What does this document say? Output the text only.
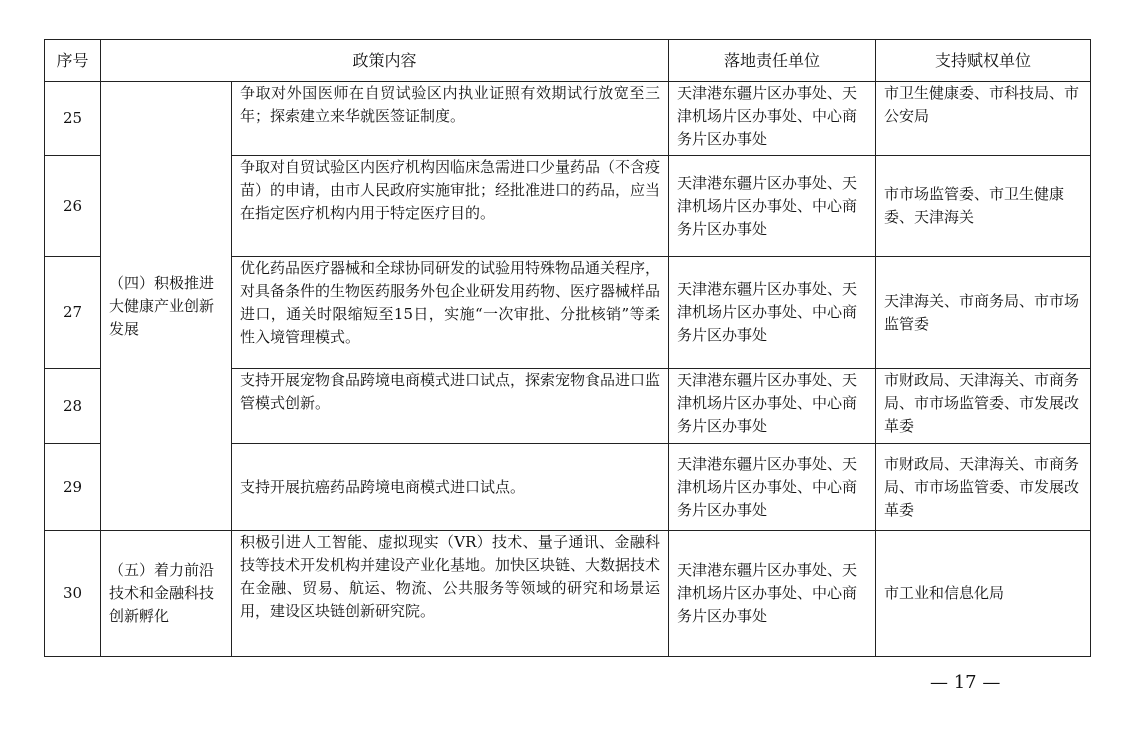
序号	政策内容		落地责任单位	支持赋权单位
25	（四）积极推进大健康产业创新发展	争取对外国医师在自贸试验区内执业证照有效期试行放宽至三年；探索建立来华就医签证制度。	天津港东疆片区办事处、天津机场片区办事处、中心商务片区办事处	市卫生健康委、市科技局、市公安局
26		争取对自贸试验区内医疗机构因临床急需进口少量药品（不含疫苗）的申请，由市人民政府实施审批；经批准进口的药品，应当在指定医疗机构内用于特定医疗目的。	天津港东疆片区办事处、天津机场片区办事处、中心商务片区办事处	市市场监管委、市卫生健康委、天津海关
27		优化药品医疗器械和全球协同研发的试验用特殊物品通关程序，对具备条件的生物医药服务外包企业研发用药物、医疗器械样品进口，通关时限缩短至15日，实施“一次审批、分批核销”等柔性入境管理模式。	天津港东疆片区办事处、天津机场片区办事处、中心商务片区办事处	天津海关、市商务局、市市场监管委
28		支持开展宠物食品跨境电商模式进口试点，探索宠物食品进口监管模式创新。	天津港东疆片区办事处、天津机场片区办事处、中心商务片区办事处	市财政局、天津海关、市商务局、市市场监管委、市发展改革委
29		支持开展抗癌药品跨境电商模式进口试点。	天津港东疆片区办事处、天津机场片区办事处、中心商务片区办事处	市财政局、天津海关、市商务局、市市场监管委、市发展改革委
30	（五）着力前沿技术和金融科技创新孵化	积极引进人工智能、虚拟现实（VR）技术、量子通讯、金融科技等技术开发机构并建设产业化基地。加快区块链、大数据技术在金融、贸易、航运、物流、公共服务等领域的研究和场景运用，建设区块链创新研究院。	天津港东疆片区办事处、天津机场片区办事处、中心商务片区办事处	市工业和信息化局
— 17 —
